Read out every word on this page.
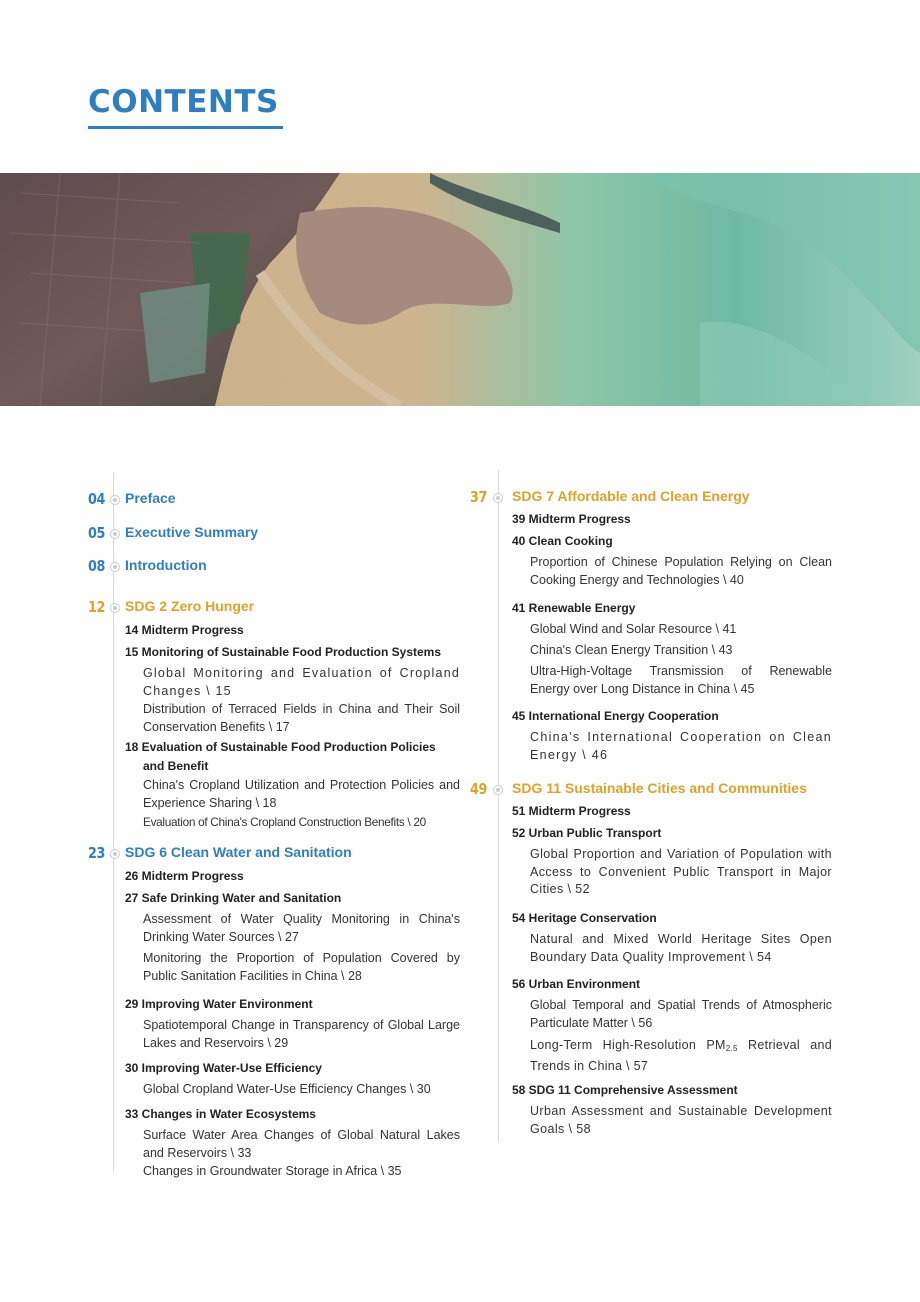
CONTENTS
04 Preface
05 Executive Summary
08 Introduction
12 SDG 2 Zero Hunger
14 Midterm Progress
15 Monitoring of Sustainable Food Production Systems
Global Monitoring and Evaluation of Cropland Changes \ 15
Distribution of Terraced Fields in China and Their Soil Conservation Benefits \ 17
18 Evaluation of Sustainable Food Production Policies
and Benefit
China's Cropland Utilization and Protection Policies and Experience Sharing \ 18
Evaluation of China's Cropland Construction Benefits \ 20
23 SDG 6 Clean Water and Sanitation
26 Midterm Progress
27 Safe Drinking Water and Sanitation
Assessment of Water Quality Monitoring in China's Drinking Water Sources \ 27
Monitoring the Proportion of Population Covered by Public Sanitation Facilities in China \ 28
29 Improving Water Environment
Spatiotemporal Change in Transparency of Global Large Lakes and Reservoirs \ 29
30 Improving Water-Use Efficiency
Global Cropland Water-Use Efficiency Changes \ 30
33 Changes in Water Ecosystems
Surface Water Area Changes of Global Natural Lakes and Reservoirs \ 33
Changes in Groundwater Storage in Africa \ 35
37 SDG 7 Affordable and Clean Energy
39 Midterm Progress
40 Clean Cooking
Proportion of Chinese Population Relying on Clean Cooking Energy and Technologies \ 40
41 Renewable Energy
Global Wind and Solar Resource \ 41
China's Clean Energy Transition \ 43
Ultra-High-Voltage Transmission of Renewable Energy over Long Distance in China \ 45
45 International Energy Cooperation
China's International Cooperation on Clean Energy \ 46
49 SDG 11 Sustainable Cities and Communities
51 Midterm Progress
52 Urban Public Transport
Global Proportion and Variation of Population with Access to Convenient Public Transport in Major Cities \ 52
54 Heritage Conservation
Natural and Mixed World Heritage Sites Open Boundary Data Quality Improvement \ 54
56 Urban Environment
Global Temporal and Spatial Trends of Atmospheric Particulate Matter \ 56
Long-Term High-Resolution $PM_{2.5}$ Retrieval and Trends in China \ 57
58 SDG 11 Comprehensive Assessment
Urban Assessment and Sustainable Development Goals \ 58
